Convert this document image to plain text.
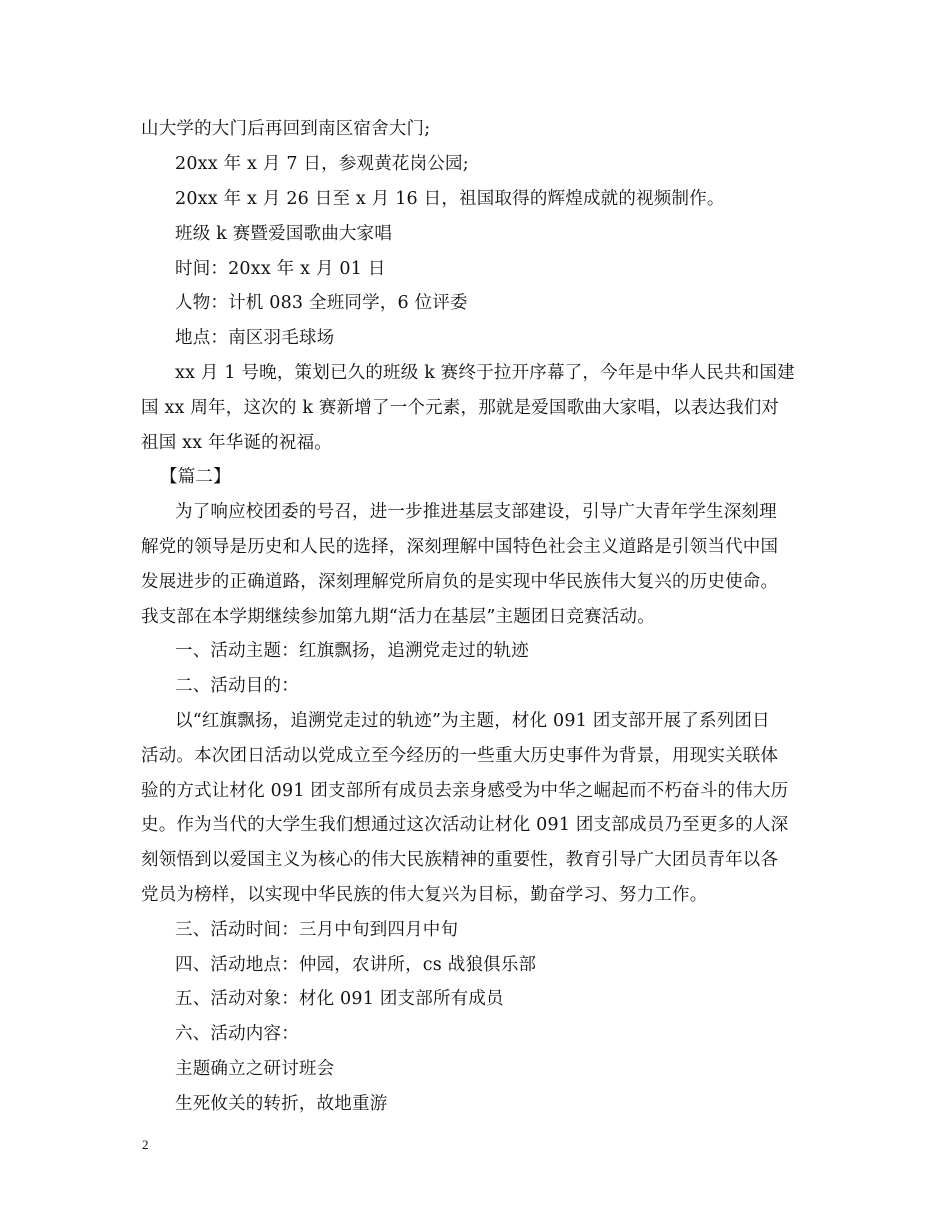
山大学的大门后再回到南区宿舍大门;
20xx 年 x 月 7 日，参观黄花岗公园;
20xx 年 x 月 26 日至 x 月 16 日，祖国取得的辉煌成就的视频制作。
班级 k 赛暨爱国歌曲大家唱
时间：20xx 年 x 月 01 日
人物：计机 083 全班同学，6 位评委
地点：南区羽毛球场
xx 月 1 号晚，策划已久的班级 k 赛终于拉开序幕了，今年是中华人民共和国建
国 xx 周年，这次的 k 赛新增了一个元素，那就是爱国歌曲大家唱，以表达我们对
祖国 xx 年华诞的祝福。
【篇二】
为了响应校团委的号召，进一步推进基层支部建设，引导广大青年学生深刻理
解党的领导是历史和人民的选择，深刻理解中国特色社会主义道路是引领当代中国
发展进步的正确道路，深刻理解党所肩负的是实现中华民族伟大复兴的历史使命。
我支部在本学期继续参加第九期“活力在基层”主题团日竞赛活动。
一、活动主题：红旗飘扬，追溯党走过的轨迹
二、活动目的：
以“红旗飘扬，追溯党走过的轨迹”为主题，材化 091 团支部开展了系列团日
活动。本次团日活动以党成立至今经历的一些重大历史事件为背景，用现实关联体
验的方式让材化 091 团支部所有成员去亲身感受为中华之崛起而不朽奋斗的伟大历
史。作为当代的大学生我们想通过这次活动让材化 091 团支部成员乃至更多的人深
刻领悟到以爱国主义为核心的伟大民族精神的重要性，教育引导广大团员青年以各
党员为榜样，以实现中华民族的伟大复兴为目标，勤奋学习、努力工作。
三、活动时间：三月中旬到四月中旬
四、活动地点：仲园，农讲所，cs 战狼俱乐部
五、活动对象：材化 091 团支部所有成员
六、活动内容：
主题确立之研讨班会
生死攸关的转折，故地重游
2
